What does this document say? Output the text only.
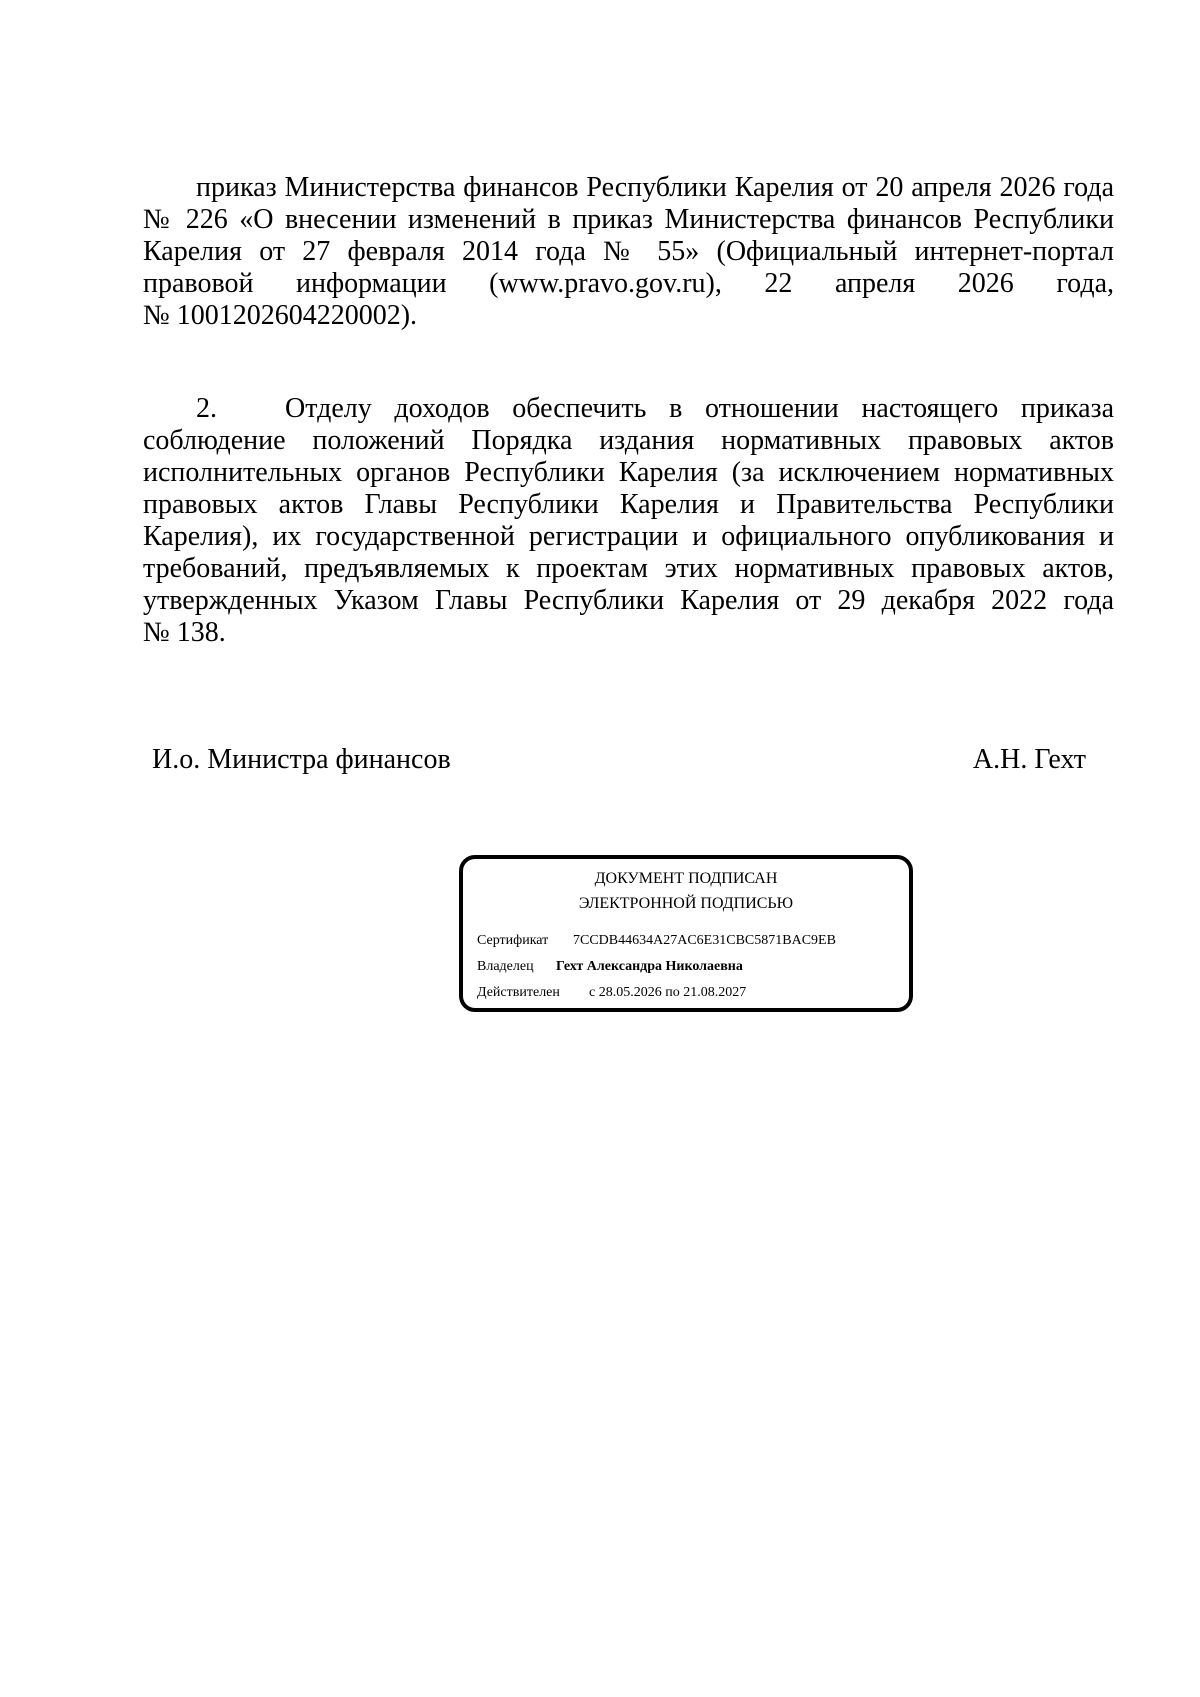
приказ Министерства финансов Республики Карелия от 20 апреля 2026 года
№ 226 «О внесении изменений в приказ Министерства финансов Республики
Карелия от 27 февраля 2014 года № 55» (Официальный интернет-портал
правовой информации (www.pravo.gov.ru), 22 апреля 2026 года,
№ 1001202604220002).
2. Отделу доходов обеспечить в отношении настоящего приказа
соблюдение положений Порядка издания нормативных правовых актов
исполнительных органов Республики Карелия (за исключением нормативных
правовых актов Главы Республики Карелия и Правительства Республики
Карелия), их государственной регистрации и официального опубликования и
требований, предъявляемых к проектам этих нормативных правовых актов,
утвержденных Указом Главы Республики Карелия от 29 декабря 2022 года
№ 138.
И.о. Министра финансов	А.Н. Гехт
ДОКУМЕНТ ПОДПИСАН
ЭЛЕКТРОННОЙ ПОДПИСЬЮ
Сертификат 7CCDB44634A27AC6E31CBC5871BAC9EB
Владелец Гехт Александра Николаевна
Действителен с 28.05.2026 по 21.08.2027
